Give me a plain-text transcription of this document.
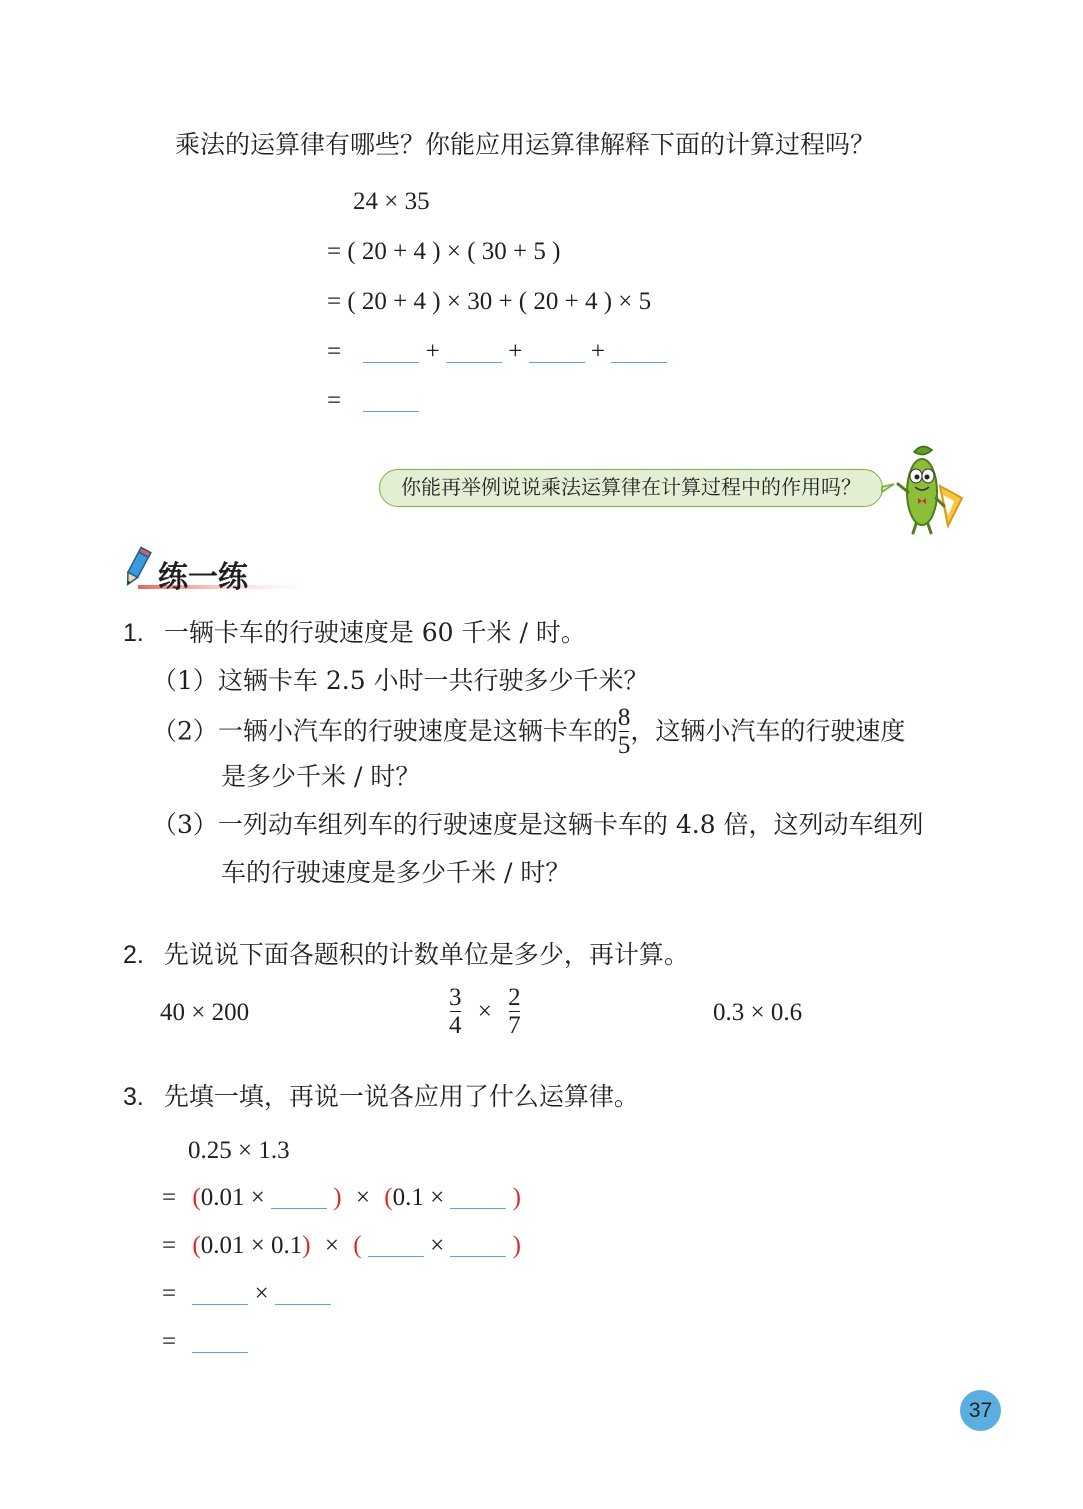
乘法的运算律有哪些？你能应用运算律解释下面的计算过程吗？
24 × 35
= ( 20 + 4 ) × ( 30 + 5 )
= ( 20 + 4 ) × 30 + ( 20 + 4 ) × 5
=	+	+	+
=
你能再举例说说乘法运算律在计算过程中的作用吗？
练一练
1. 一辆卡车的行驶速度是 60 千米 / 时。
（1）这辆卡车 2.5 小时一共行驶多少千米？
（2）一辆小汽车的行驶速度是这辆卡车的 $\frac{8}{5}$ ，这辆小汽车的行驶速度
是多少千米 / 时？
（3）一列动车组列车的行驶速度是这辆卡车的 4.8 倍，这列动车组列
车的行驶速度是多少千米 / 时？
2. 先说说下面各题积的计数单位是多少，再计算。
40 × 200	$\frac{3}{4} \times \frac{2}{7}$	0.3 × 0.6
3. 先填一填，再说一说各应用了什么运算律。
0.25 × 1.3
= (0.01 ×	) × (0.1 ×	)
= (0.01 × 0.1) × (	×	)
=	×
=
37
